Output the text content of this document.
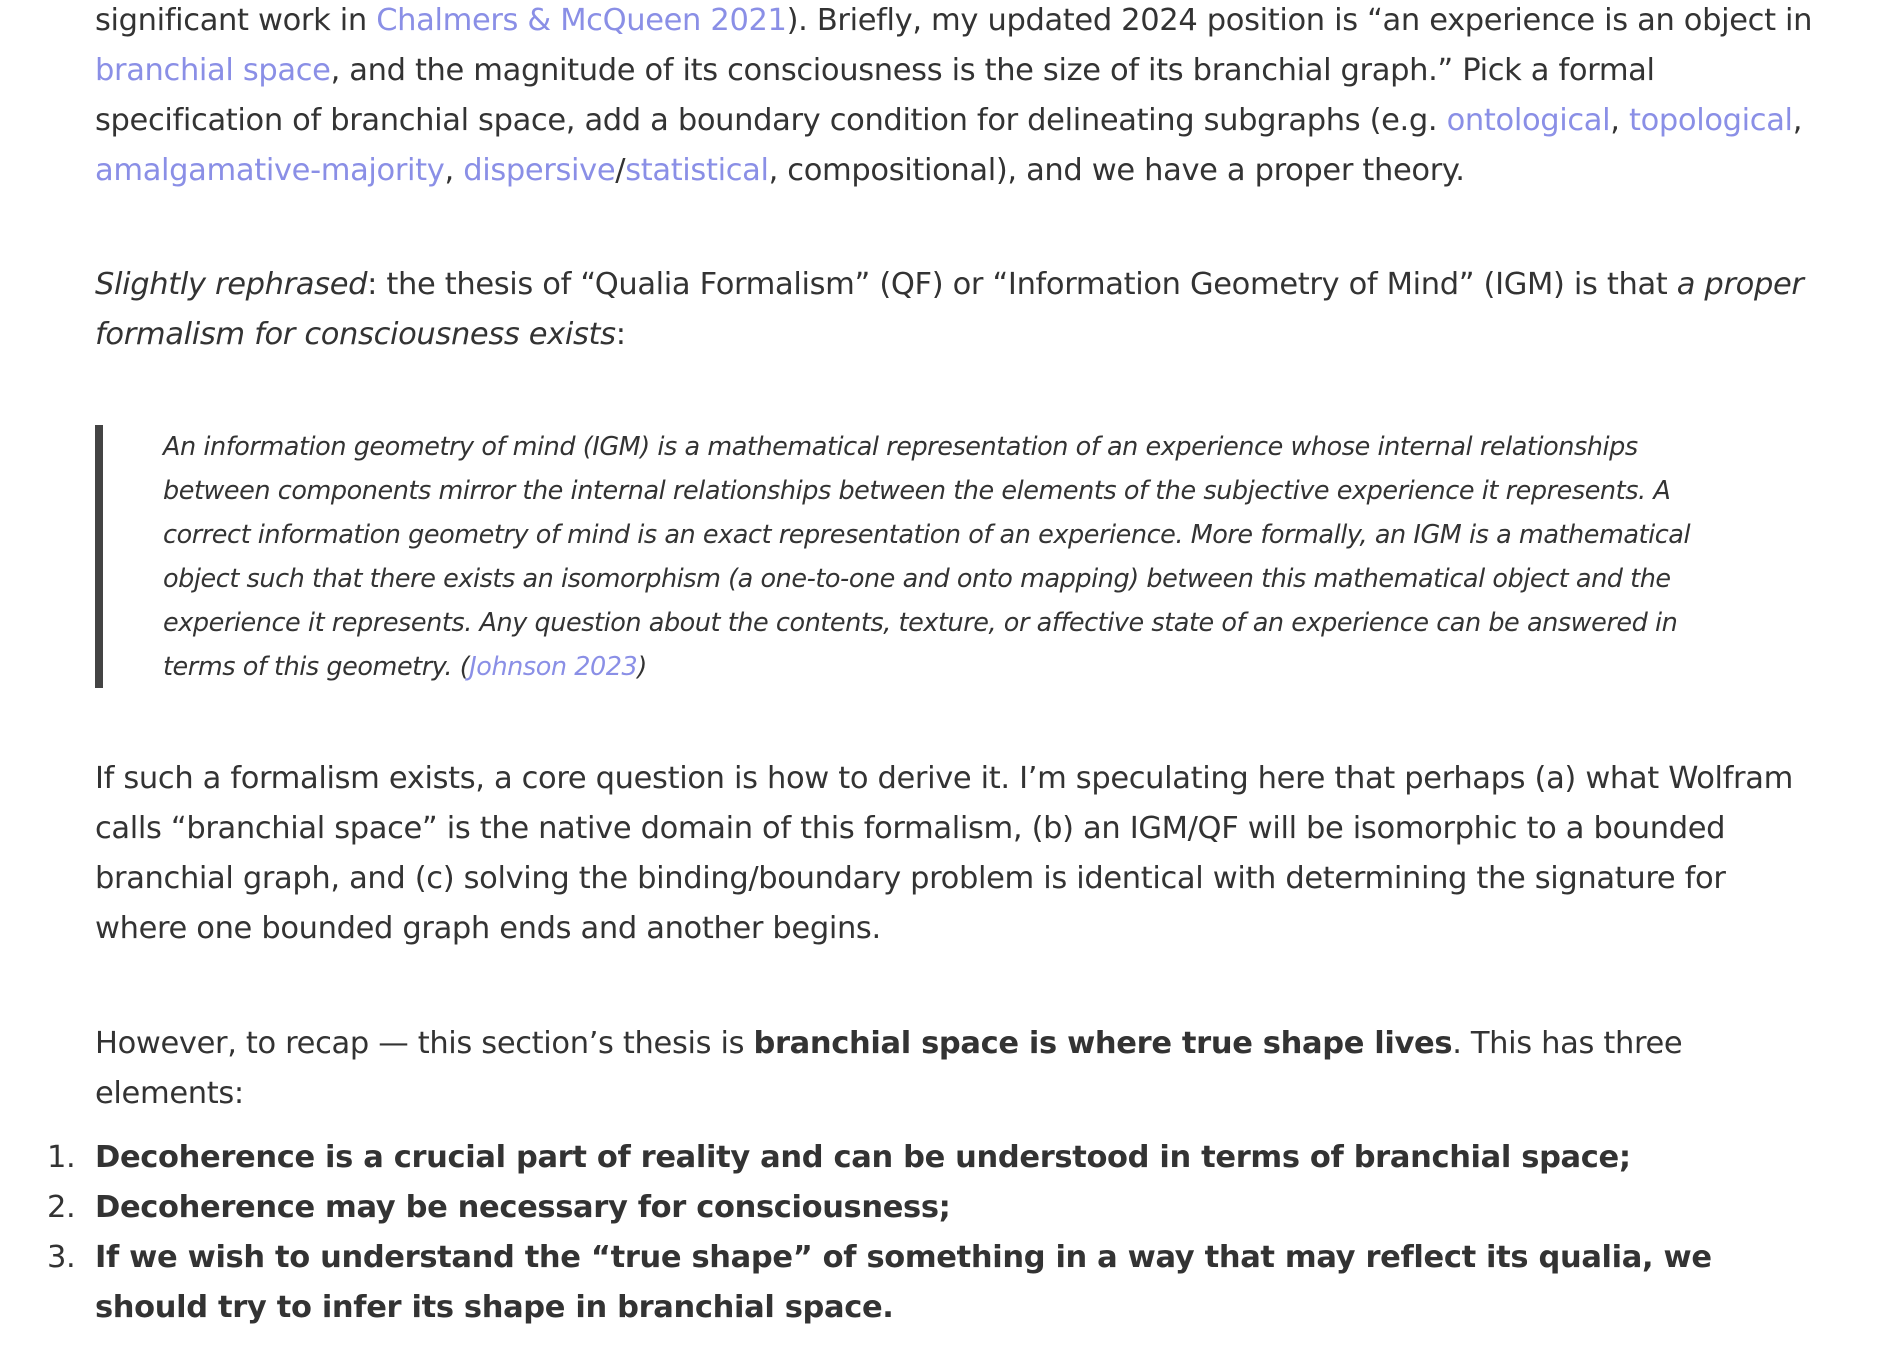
significant work in Chalmers & McQueen 2021). Briefly, my updated 2024 position is “an experience is an object in branchial space, and the magnitude of its consciousness is the size of its branchial graph.” Pick a formal specification of branchial space, add a boundary condition for delineating subgraphs (e.g. ontological, topological, amalgamative-majority, dispersive/statistical, compositional), and we have a proper theory.

Slightly rephrased: the thesis of “Qualia Formalism” (QF) or “Information Geometry of Mind” (IGM) is that a proper formalism for consciousness exists:

An information geometry of mind (IGM) is a mathematical representation of an experience whose internal relationships between components mirror the internal relationships between the elements of the subjective experience it represents. A correct information geometry of mind is an exact representation of an experience. More formally, an IGM is a mathematical object such that there exists an isomorphism (a one-to-one and onto mapping) between this mathematical object and the experience it represents. Any question about the contents, texture, or affective state of an experience can be answered in terms of this geometry. (Johnson 2023)

If such a formalism exists, a core question is how to derive it. I’m speculating here that perhaps (a) what Wolfram calls “branchial space” is the native domain of this formalism, (b) an IGM/QF will be isomorphic to a bounded branchial graph, and (c) solving the binding/boundary problem is identical with determining the signature for where one bounded graph ends and another begins.

However, to recap — this section’s thesis is branchial space is where true shape lives. This has three elements:

1. Decoherence is a crucial part of reality and can be understood in terms of branchial space;
2. Decoherence may be necessary for consciousness;
3. If we wish to understand the “true shape” of something in a way that may reflect its qualia, we should try to infer its shape in branchial space.
